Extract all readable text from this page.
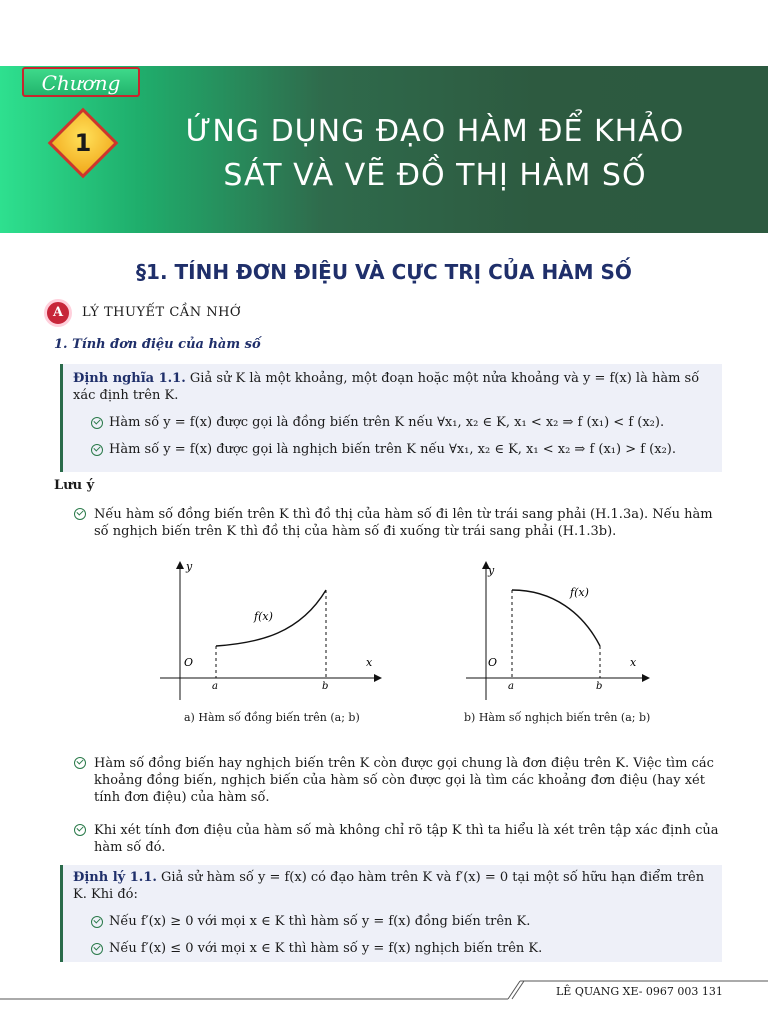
Chương
1	ỨNG DỤNG ĐẠO HÀM ĐỂ KHẢO
SÁT VÀ VẼ ĐỒ THỊ HÀM SỐ
§1. TÍNH ĐƠN ĐIỆU VÀ CỰC TRỊ CỦA HÀM SỐ
A	LÝ THUYẾT CẦN NHỚ
1. Tính đơn điệu của hàm số
Định nghĩa 1.1. Giả sử K là một khoảng, một đoạn hoặc một nửa khoảng và y = f(x) là hàm số xác định trên K.
Hàm số y = f(x) được gọi là đồng biến trên K nếu ∀x₁, x₂ ∈ K, x₁ < x₂ ⇒ f (x₁) < f (x₂).
Hàm số y = f(x) được gọi là nghịch biến trên K nếu ∀x₁, x₂ ∈ K, x₁ < x₂ ⇒ f (x₁) > f (x₂).
Lưu ý
Nếu hàm số đồng biến trên K thì đồ thị của hàm số đi lên từ trái sang phải (H.1.3a). Nếu hàm số nghịch biến trên K thì đồ thị của hàm số đi xuống từ trái sang phải (H.1.3b).
y
x
O
a	b
f(x)
a) Hàm số đồng biến trên (a; b)
y
x
O
a	b
f(x)
b) Hàm số nghịch biến trên (a; b)
Hàm số đồng biến hay nghịch biến trên K còn được gọi chung là đơn điệu trên K. Việc tìm các khoảng đồng biến, nghịch biến của hàm số còn được gọi là tìm các khoảng đơn điệu (hay xét tính đơn điệu) của hàm số.
Khi xét tính đơn điệu của hàm số mà không chỉ rõ tập K thì ta hiểu là xét trên tập xác định của hàm số đó.
Định lý 1.1. Giả sử hàm số y = f(x) có đạo hàm trên K và f′(x) = 0 tại một số hữu hạn điểm trên K. Khi đó:
Nếu f′(x) ≥ 0 với mọi x ∈ K thì hàm số y = f(x) đồng biến trên K.
Nếu f′(x) ≤ 0 với mọi x ∈ K thì hàm số y = f(x) nghịch biến trên K.
LÊ QUANG XE- 0967 003 131
